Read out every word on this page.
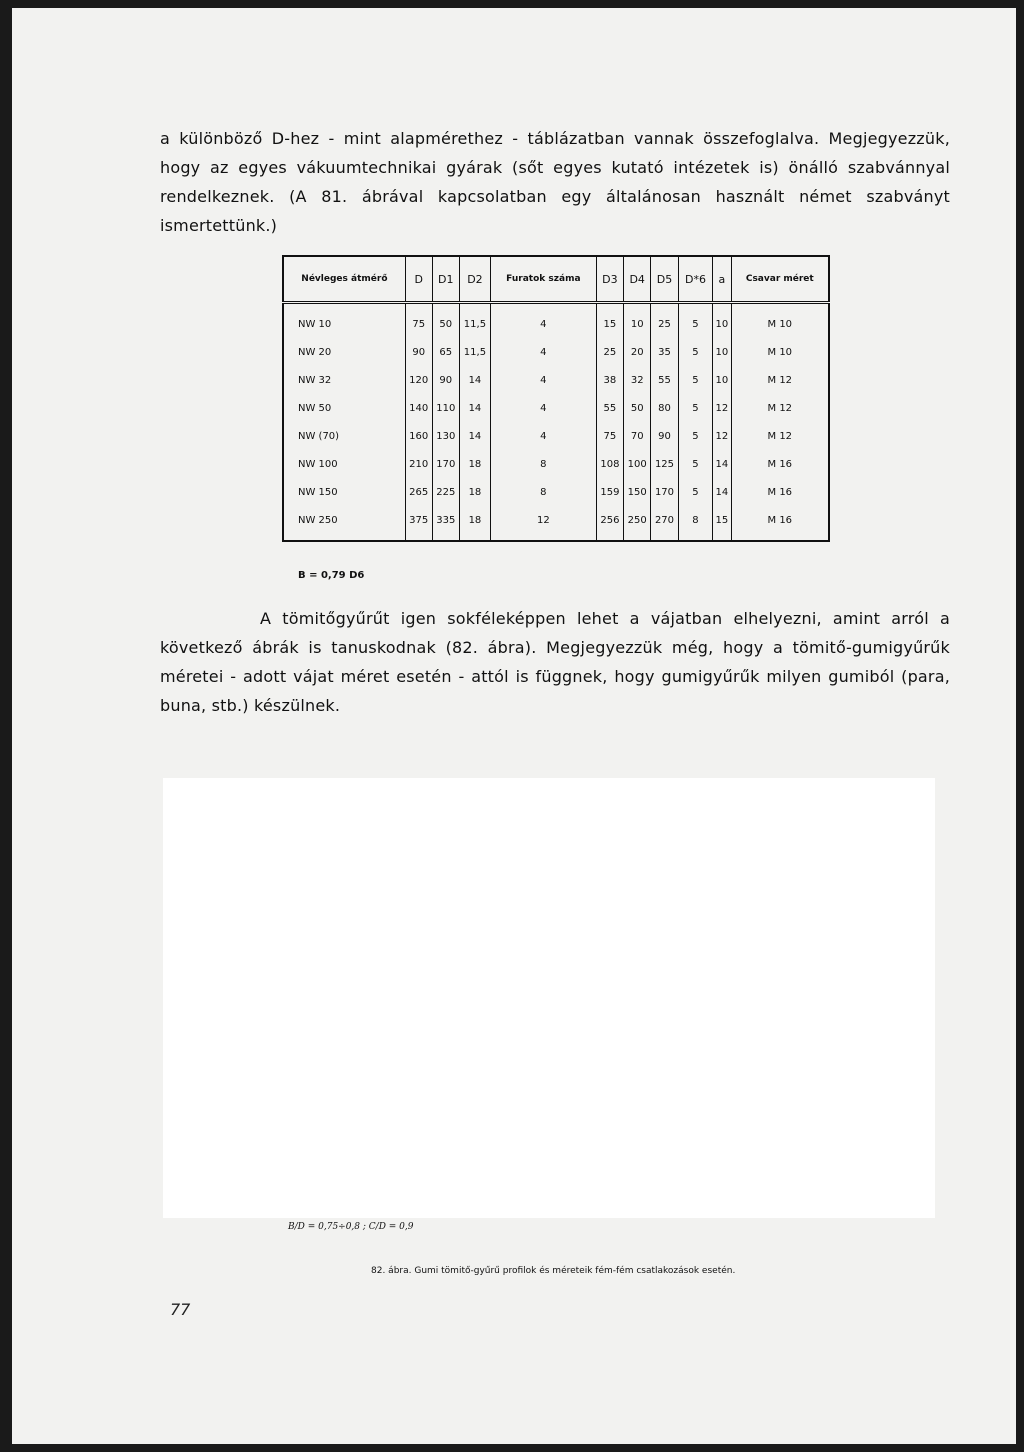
a különböző D-hez - mint alapmérethez - táblázatban vannak összefoglalva. Megjegyezzük, hogy az egyes vákuumtechnikai gyárak (sőt egyes kutató intézetek is) önálló szabvánnyal rendelkeznek. (A 81. ábrával kapcsolatban egy általánosan használt német szabványt ismertettünk.)
Névleges átmérő	D	D1	D2	Furatok száma	D3	D4	D5	D*6	a	Csavar méret
NW 10	75	50	11,5	4	15	10	25	5	10	M 10
NW 20	90	65	11,5	4	25	20	35	5	10	M 10
NW 32	120	90	14	4	38	32	55	5	10	M 12
NW 50	140	110	14	4	55	50	80	5	12	M 12
NW (70)	160	130	14	4	75	70	90	5	12	M 12
NW 100	210	170	18	8	108	100	125	5	14	M 16
NW 150	265	225	18	8	159	150	170	5	14	M 16
NW 250	375	335	18	12	256	250	270	8	15	M 16
B = 0,79 D6
A tömitőgyűrűt igen sokféleképpen lehet a vájatban elhelyezni, amint arról a következő ábrák is tanuskodnak (82. ábra). Megjegyezzük még, hogy a tömitő-gumigyűrűk méretei - adott vájat méret esetén - attól is függnek, hogy gumigyűrűk milyen gumiból (para, buna, stb.) készülnek.
B/D = 0,75÷0,8 ; C/D = 0,9
82. ábra. Gumi tömitő-gyűrű profilok és méreteik fém-fém csatlakozások esetén.
77
